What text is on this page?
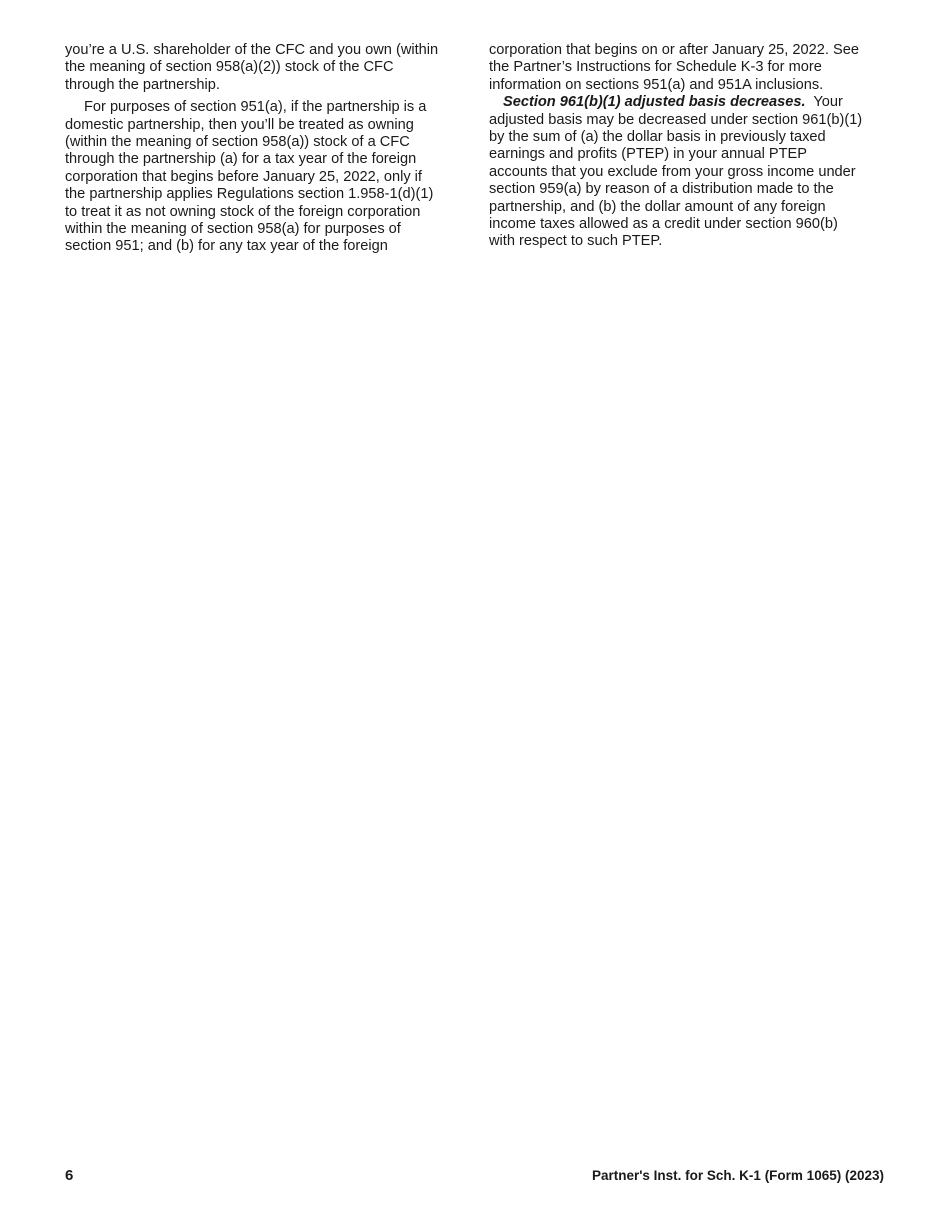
you’re a U.S. shareholder of the CFC and you own (within
the meaning of section 958(a)(2)) stock of the CFC
through the partnership.

For purposes of section 951(a), if the partnership is a
domestic partnership, then you’ll be treated as owning
(within the meaning of section 958(a)) stock of a CFC
through the partnership (a) for a tax year of the foreign
corporation that begins before January 25, 2022, only if
the partnership applies Regulations section 1.958-1(d)(1)
to treat it as not owning stock of the foreign corporation
within the meaning of section 958(a) for purposes of
section 951; and (b) for any tax year of the foreign

corporation that begins on or after January 25, 2022. See
the Partner’s Instructions for Schedule K-3 for more
information on sections 951(a) and 951A inclusions.

Section 961(b)(1) adjusted basis decreases. Your
adjusted basis may be decreased under section 961(b)(1)
by the sum of (a) the dollar basis in previously taxed
earnings and profits (PTEP) in your annual PTEP
accounts that you exclude from your gross income under
section 959(a) by reason of a distribution made to the
partnership, and (b) the dollar amount of any foreign
income taxes allowed as a credit under section 960(b)
with respect to such PTEP.

6	Partner's Inst. for Sch. K-1 (Form 1065) (2023)
